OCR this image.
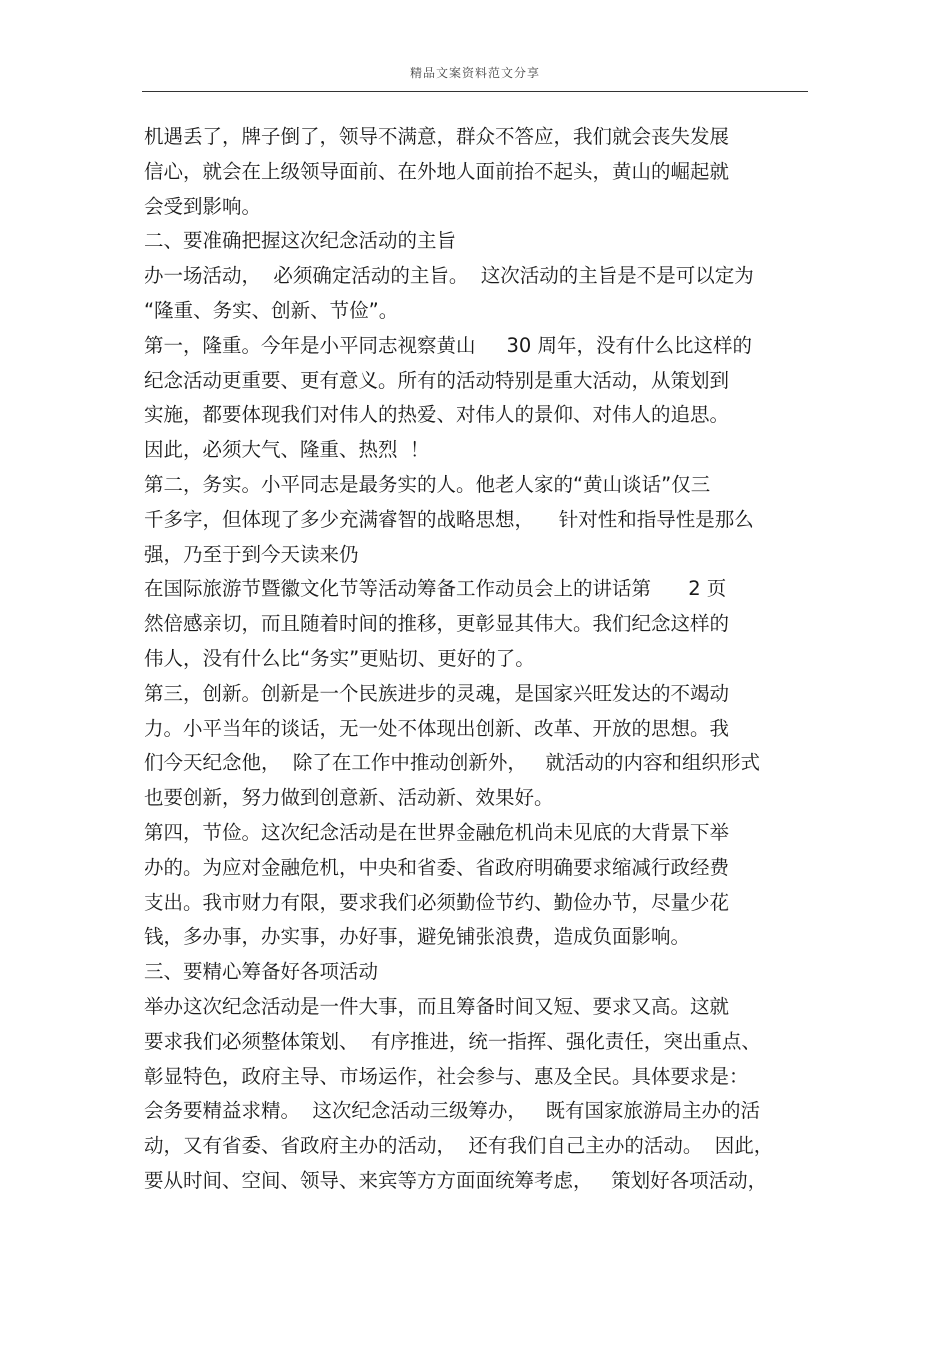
精品文案资料范文分享
机遇丢了，牌子倒了，领导不满意，群众不答应，我们就会丧失发展
信心，就会在上级领导面前、在外地人面前抬不起头，黄山的崛起就
会受到影响。
二、要准确把握这次纪念活动的主旨
办一场活动，  必须确定活动的主旨。  这次活动的主旨是不是可以定为
“隆重、务实、创新、节俭”。
第一，隆重。今年是小平同志视察黄山     30 周年，没有什么比这样的
纪念活动更重要、更有意义。所有的活动特别是重大活动，从策划到
实施，都要体现我们对伟人的热爱、对伟人的景仰、对伟人的追思。
因此，必须大气、隆重、热烈  ！
第二，务实。小平同志是最务实的人。他老人家的“黄山谈话”仅三
千多字，但体现了多少充满睿智的战略思想，    针对性和指导性是那么
强，乃至于到今天读来仍
在国际旅游节暨徽文化节等活动筹备工作动员会上的讲话第      2 页
然倍感亲切，而且随着时间的推移，更彰显其伟大。我们纪念这样的
伟人，没有什么比“务实”更贴切、更好的了。
第三，创新。创新是一个民族进步的灵魂，是国家兴旺发达的不竭动
力。小平当年的谈话，无一处不体现出创新、改革、开放的思想。我
们今天纪念他，  除了在工作中推动创新外，   就活动的内容和组织形式
也要创新，努力做到创意新、活动新、效果好。
第四，节俭。这次纪念活动是在世界金融危机尚未见底的大背景下举
办的。为应对金融危机，中央和省委、省政府明确要求缩减行政经费
支出。我市财力有限，要求我们必须勤俭节约、勤俭办节，尽量少花
钱，多办事，办实事，办好事，避免铺张浪费，造成负面影响。
三、要精心筹备好各项活动
举办这次纪念活动是一件大事，而且筹备时间又短、要求又高。这就
要求我们必须整体策划、  有序推进，统一指挥、强化责任，突出重点、
彰显特色，政府主导、市场运作，社会参与、惠及全民。具体要求是：
会务要精益求精。  这次纪念活动三级筹办，   既有国家旅游局主办的活
动，又有省委、省政府主办的活动，  还有我们自己主办的活动。  因此，
要从时间、空间、领导、来宾等方方面面统筹考虑，   策划好各项活动，
